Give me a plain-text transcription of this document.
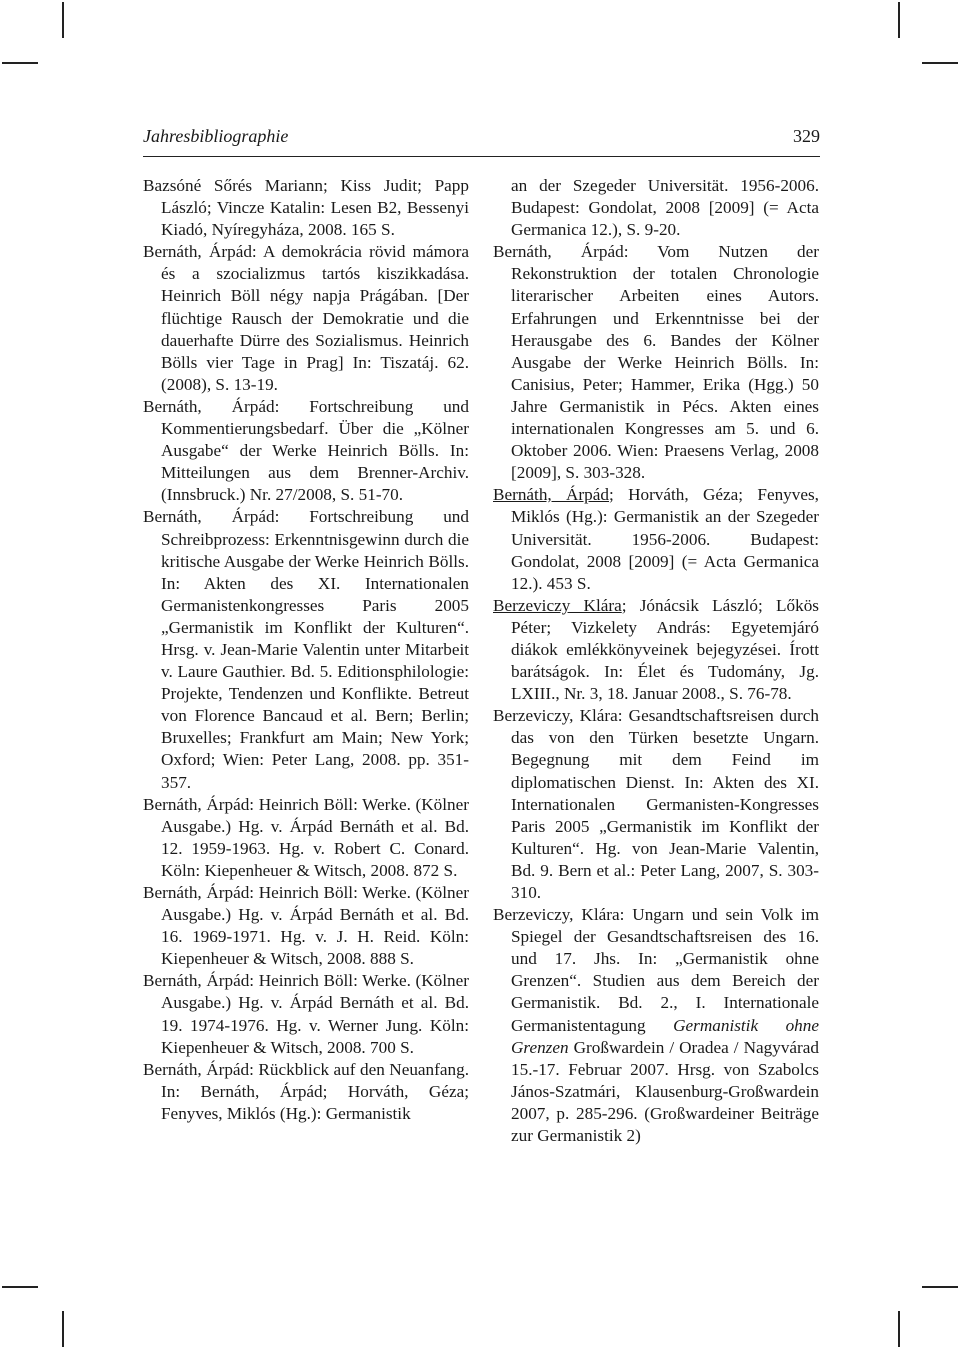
Jahresbibliographie	329

Bazsóné Sőrés Mariann; Kiss Judit; Papp László; Vincze Katalin: Lesen B2, Bessenyi Kiadó, Nyíregyháza, 2008. 165 S.

Bernáth, Árpád: A demokrácia rövid mámora és a szocializmus tartós kiszikkadása. Heinrich Böll négy napja Prágában. [Der flüchtige Rausch der Demokratie und die dauerhafte Dürre des Sozialismus. Heinrich Bölls vier Tage in Prag] In: Tiszatáj. 62. (2008), S. 13-19.

Bernáth, Árpád: Fortschreibung und Kommentierungsbedarf. Über die „Kölner Ausgabe“ der Werke Heinrich Bölls. In: Mitteilungen aus dem Brenner-Archiv. (Innsbruck.) Nr. 27/2008, S. 51-70.

Bernáth, Árpád: Fortschreibung und Schreibprozess: Erkenntnisgewinn durch die kritische Ausgabe der Werke Heinrich Bölls. In: Akten des XI. Internationalen Germanistenkongresses Paris 2005 „Germanistik im Konflikt der Kulturen“. Hrsg. v. Jean-Marie Valentin unter Mitarbeit v. Laure Gauthier. Bd. 5. Editionsphilologie: Projekte, Tendenzen und Konflikte. Betreut von Florence Bancaud et al. Bern; Berlin; Bruxelles; Frankfurt am Main; New York; Oxford; Wien: Peter Lang, 2008. pp. 351-357.

Bernáth, Árpád: Heinrich Böll: Werke. (Kölner Ausgabe.) Hg. v. Árpád Bernáth et al. Bd. 12. 1959-1963. Hg. v. Robert C. Conard. Köln: Kiepenheuer & Witsch, 2008. 872 S.

Bernáth, Árpád: Heinrich Böll: Werke. (Kölner Ausgabe.) Hg. v. Árpád Bernáth et al. Bd. 16. 1969-1971. Hg. v. J. H. Reid. Köln: Kiepenheuer & Witsch, 2008. 888 S.

Bernáth, Árpád: Heinrich Böll: Werke. (Kölner Ausgabe.) Hg. v. Árpád Bernáth et al. Bd. 19. 1974-1976. Hg. v. Werner Jung. Köln: Kiepenheuer & Witsch, 2008. 700 S.

Bernáth, Árpád: Rückblick auf den Neuanfang. In: Bernáth, Árpád; Horváth, Géza; Fenyves, Miklós (Hg.): Germanistik

an der Szegeder Universität. 1956-2006. Budapest: Gondolat, 2008 [2009] (= Acta Germanica 12.), S. 9-20.

Bernáth, Árpád: Vom Nutzen der Rekonstruktion der totalen Chronologie literarischer Arbeiten eines Autors. Erfahrungen und Erkenntnisse bei der Herausgabe des 6. Bandes der Kölner Ausgabe der Werke Heinrich Bölls. In: Canisius, Peter; Hammer, Erika (Hgg.) 50 Jahre Germanistik in Pécs. Akten eines internationalen Kongresses am 5. und 6. Oktober 2006. Wien: Praesens Verlag, 2008 [2009], S. 303-328.

Bernáth, Árpád; Horváth, Géza; Fenyves, Miklós (Hg.): Germanistik an der Szegeder Universität. 1956-2006. Budapest: Gondolat, 2008 [2009] (= Acta Germanica 12.). 453 S.

Berzeviczy Klára; Jónácsik László; Lőkös Péter; Vizkelety András: Egyetemjáró diákok emlékkönyveinek bejegyzései. Írott barátságok. In: Élet és Tudomány, Jg. LXIII., Nr. 3, 18. Januar 2008., S. 76-78.

Berzeviczy, Klára: Gesandtschaftsreisen durch das von den Türken besetzte Ungarn. Begegnung mit dem Feind im diplomatischen Dienst. In: Akten des XI. Internationalen Germanisten-Kongresses Paris 2005 „Germanistik im Konflikt der Kulturen“. Hg. von Jean-Marie Valentin, Bd. 9. Bern et al.: Peter Lang, 2007, S. 303-310.

Berzeviczy, Klára: Ungarn und sein Volk im Spiegel der Gesandtschaftsreisen des 16. und 17. Jhs. In: „Germanistik ohne Grenzen“. Studien aus dem Bereich der Germanistik. Bd. 2., I. Internationale Germanistentagung Germanistik ohne Grenzen Großwardein / Oradea / Nagyvárad 15.-17. Februar 2007. Hrsg. von Szabolcs János-Szatmári, Klausenburg-Großwardein 2007, p. 285-296. (Großwardeiner Beiträge zur Germanistik 2)
